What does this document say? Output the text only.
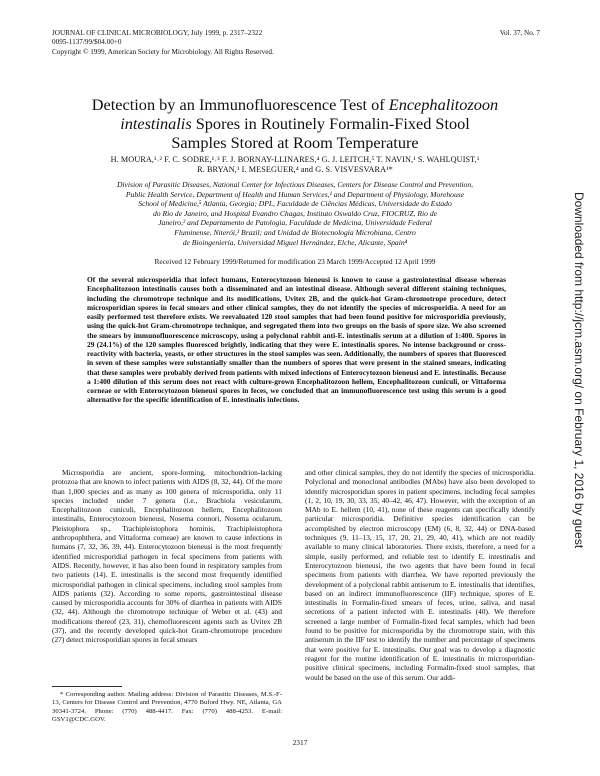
JOURNAL OF CLINICAL MICROBIOLOGY, July 1999, p. 2317–2322
0095-1137/99/$04.00+0
Copyright © 1999, American Society for Microbiology. All Rights Reserved.
Vol. 37, No. 7
Detection by an Immunofluorescence Test of Encephalitozoon
intestinalis Spores in Routinely Formalin-Fixed Stool
Samples Stored at Room Temperature
H. MOURA,¹˒² F. C. SODRE,¹˒³ F. J. BORNAY-LLINARES,⁴ G. J. LEITCH,⁵ T. NAVIN,¹ S. WAHLQUIST,¹
R. BRYAN,¹ I. MESEGUER,⁴ and G. S. VISVESVARA¹*
Division of Parasitic Diseases, National Center for Infectious Diseases, Centers for Disease Control and Prevention,
Public Health Service, Department of Health and Human Services,¹ and Department of Physiology, Morehouse
School of Medicine,⁵ Atlanta, Georgia; DPL, Faculdade de Ciências Médicas, Universidade do Estado
do Rio de Janeiro, and Hospital Evandro Chagas, Instituto Oswaldo Cruz, FIOCRUZ, Rio de
Janeiro,² and Departamento de Patologia, Faculdade de Medicina, Universidade Federal
Fluminense, Niterói,³ Brazil; and Unidad de Biotecnología Microbiana, Centro
de Bioingeniería, Universidad Miguel Hernández, Elche, Alicante, Spain⁴
Received 12 February 1999/Returned for modification 23 March 1999/Accepted 12 April 1999
Of the several microsporidia that infect humans, Enterocytozoon bieneusi is known to cause a gastrointestinal disease whereas Encephalitozoon intestinalis causes both a disseminated and an intestinal disease. Although several different staining techniques, including the chromotrope technique and its modifications, Uvitex 2B, and the quick-hot Gram-chromotrope procedure, detect microsporidian spores in fecal smears and other clinical samples, they do not identify the species of microsporidia. A need for an easily performed test therefore exists. We reevaluated 120 stool samples that had been found positive for microsporidia previously, using the quick-hot Gram-chromotrope technique, and segregated them into two groups on the basis of spore size. We also screened the smears by immunofluorescence microscopy, using a polyclonal rabbit anti-E. intestinalis serum at a dilution of 1:400. Spores in 29 (24.1%) of the 120 samples fluoresced brightly, indicating that they were E. intestinalis spores. No intense background or cross-reactivity with bacteria, yeasts, or other structures in the stool samples was seen. Additionally, the numbers of spores that fluoresced in seven of these samples were substantially smaller than the numbers of spores that were present in the stained smears, indicating that these samples were probably derived from patients with mixed infections of Enterocytozoon bieneusi and E. intestinalis. Because a 1:400 dilution of this serum does not react with culture-grown Encephalitozoon hellem, Encephalitozoon cuniculi, or Vittaforma corneae or with Enterocytozoon bieneusi spores in feces, we concluded that an immunofluorescence test using this serum is a good alternative for the specific identification of E. intestinalis infections.

Microsporidia are ancient, spore-forming, mitochondrion-lacking protozoa that are known to infect patients with AIDS (8, 32, 44). Of the more than 1,000 species and as many as 100 genera of microsporidia, only 11 species included under 7 genera (i.e., Brachiola vesicularum, Encephalitozoon cuniculi, Encephalitozoon hellem, Encephalitozoon intestinalis, Enterocytozoon bieneusi, Nosema connori, Nosema ocularum, Pleistophora sp., Trachipleistophora hominis, Trachipleistophora anthropophthera, and Vittaforma corneae) are known to cause infections in humans (7, 32, 36, 39, 44). Enterocytozoon bieneusi is the most frequently identified microsporidial pathogen in fecal specimens from patients with AIDS. Recently, however, it has also been found in respiratory samples from two patients (14). E. intestinalis is the second most frequently identified microsporidial pathogen in clinical specimens, including stool samples from AIDS patients (32). According to some reports, gastrointestinal disease caused by microsporidia accounts for 30% of diarrhea in patients with AIDS (32, 44). Although the chromotrope technique of Weber et al. (43) and modifications thereof (23, 31), chemofluorescent agents such as Uvitex 2B (37), and the recently developed quick-hot Gram-chromotrope procedure (27) detect microsporidian spores in fecal smears

and other clinical samples, they do not identify the species of microsporidia. Polyclonal and monoclonal antibodies (MAbs) have also been developed to identify microsporidian spores in patient specimens, including fecal samples (1, 2, 10, 19, 30, 33, 35, 40–42, 46, 47). However, with the exception of an MAb to E. hellem (10, 41), none of these reagents can specifically identify particular microsporidia. Definitive species identification can be accomplished by electron microscopy (EM) (6, 8, 32, 44) or DNA-based techniques (9, 11–13, 15, 17, 20, 21, 29, 40, 41), which are not readily available to many clinical laboratories. There exists, therefore, a need for a simple, easily performed, and reliable test to identify E. intestinalis and Enterocytozoon bieneusi, the two agents that have been found in fecal specimens from patients with diarrhea. We have reported previously the development of a polyclonal rabbit antiserum to E. intestinalis that identifies, based on an indirect immunofluorescence (IIF) technique, spores of E. intestinalis in Formalin-fixed smears of feces, urine, saliva, and nasal secretions of a patient infected with E. intestinalis (40). We therefore screened a large number of Formalin-fixed fecal samples, which had been found to be positive for microsporidia by the chromotrope stain, with this antiserum in the IIF test to identify the number and percentage of specimens that were positive for E. intestinalis. Our goal was to develop a diagnostic reagent for the routine identification of E. intestinalis in microsporidian-positive clinical specimens, including Formalin-fixed stool samples, that would be based on the use of this serum. Our addi-

* Corresponding author. Mailing address: Division of Parasitic Diseases, M.S.-F-13, Centers for Disease Control and Prevention, 4770 Buford Hwy. NE, Atlanta, GA 30341-3724. Phone: (770) 488-4417. Fax: (770) 488-4253. E-mail: GSV1@CDC.GOV.
2317
Downloaded from http://jcm.asm.org/ on February 1, 2016 by guest
